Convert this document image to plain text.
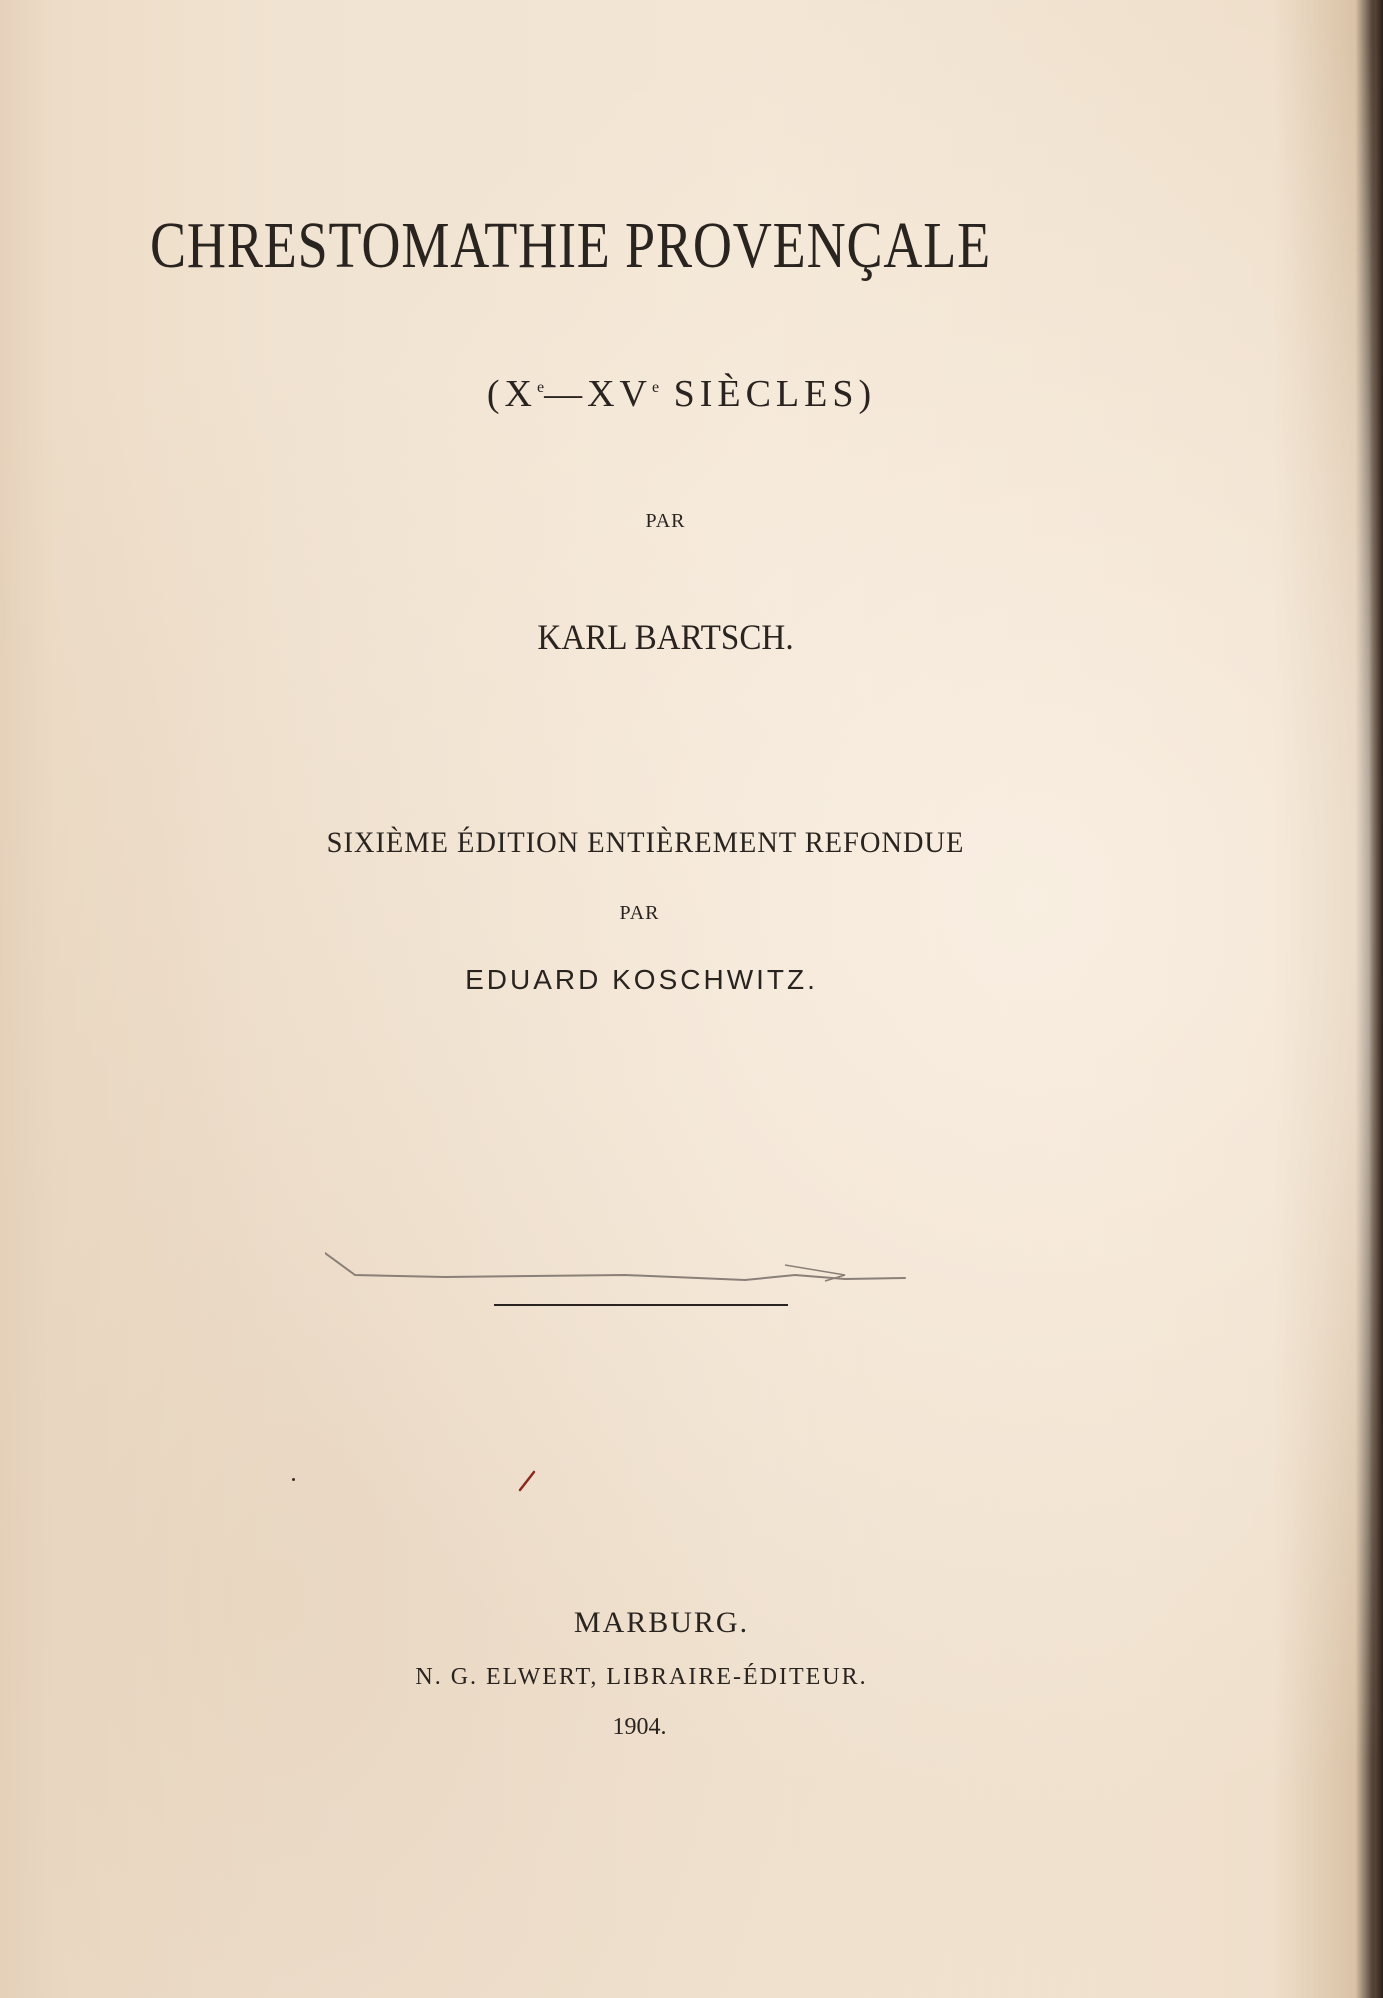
CHRESTOMATHIE PROVENÇALE
(Xe—XVe SIÈCLES)
PAR
KARL BARTSCH.
SIXIÈME ÉDITION ENTIÈREMENT REFONDUE
PAR
EDUARD KOSCHWITZ.
MARBURG.
N. G. ELWERT, LIBRAIRE-ÉDITEUR.
1904.
